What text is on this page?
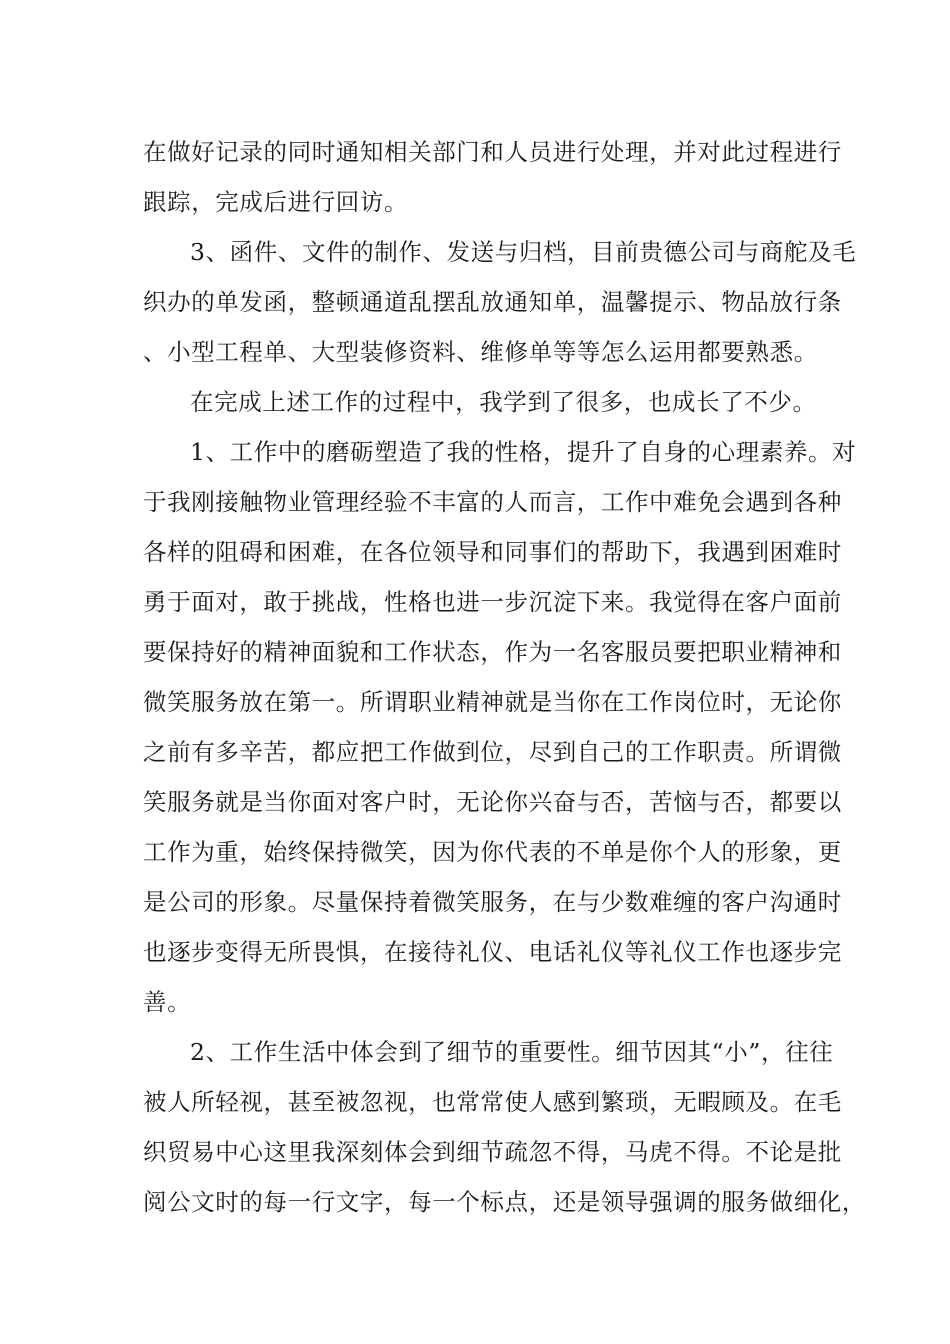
在做好记录的同时通知相关部门和人员进行处理，并对此过程进行
跟踪，完成后进行回访。
3、函件、文件的制作、发送与归档，目前贵德公司与商舵及毛
织办的单发函，整顿通道乱摆乱放通知单，温馨提示、物品放行条
、小型工程单、大型装修资料、维修单等等怎么运用都要熟悉。
在完成上述工作的过程中，我学到了很多，也成长了不少。
1、工作中的磨砺塑造了我的性格，提升了自身的心理素养。对
于我刚接触物业管理经验不丰富的人而言，工作中难免会遇到各种
各样的阻碍和困难，在各位领导和同事们的帮助下，我遇到困难时
勇于面对，敢于挑战，性格也进一步沉淀下来。我觉得在客户面前
要保持好的精神面貌和工作状态，作为一名客服员要把职业精神和
微笑服务放在第一。所谓职业精神就是当你在工作岗位时，无论你
之前有多辛苦，都应把工作做到位，尽到自己的工作职责。所谓微
笑服务就是当你面对客户时，无论你兴奋与否，苦恼与否，都要以
工作为重，始终保持微笑，因为你代表的不单是你个人的形象，更
是公司的形象。尽量保持着微笑服务，在与少数难缠的客户沟通时
也逐步变得无所畏惧，在接待礼仪、电话礼仪等礼仪工作也逐步完
善。
2、工作生活中体会到了细节的重要性。细节因其“小”，往往
被人所轻视，甚至被忽视，也常常使人感到繁琐，无暇顾及。在毛
织贸易中心这里我深刻体会到细节疏忽不得，马虎不得。不论是批
阅公文时的每一行文字，每一个标点，还是领导强调的服务做细化，
